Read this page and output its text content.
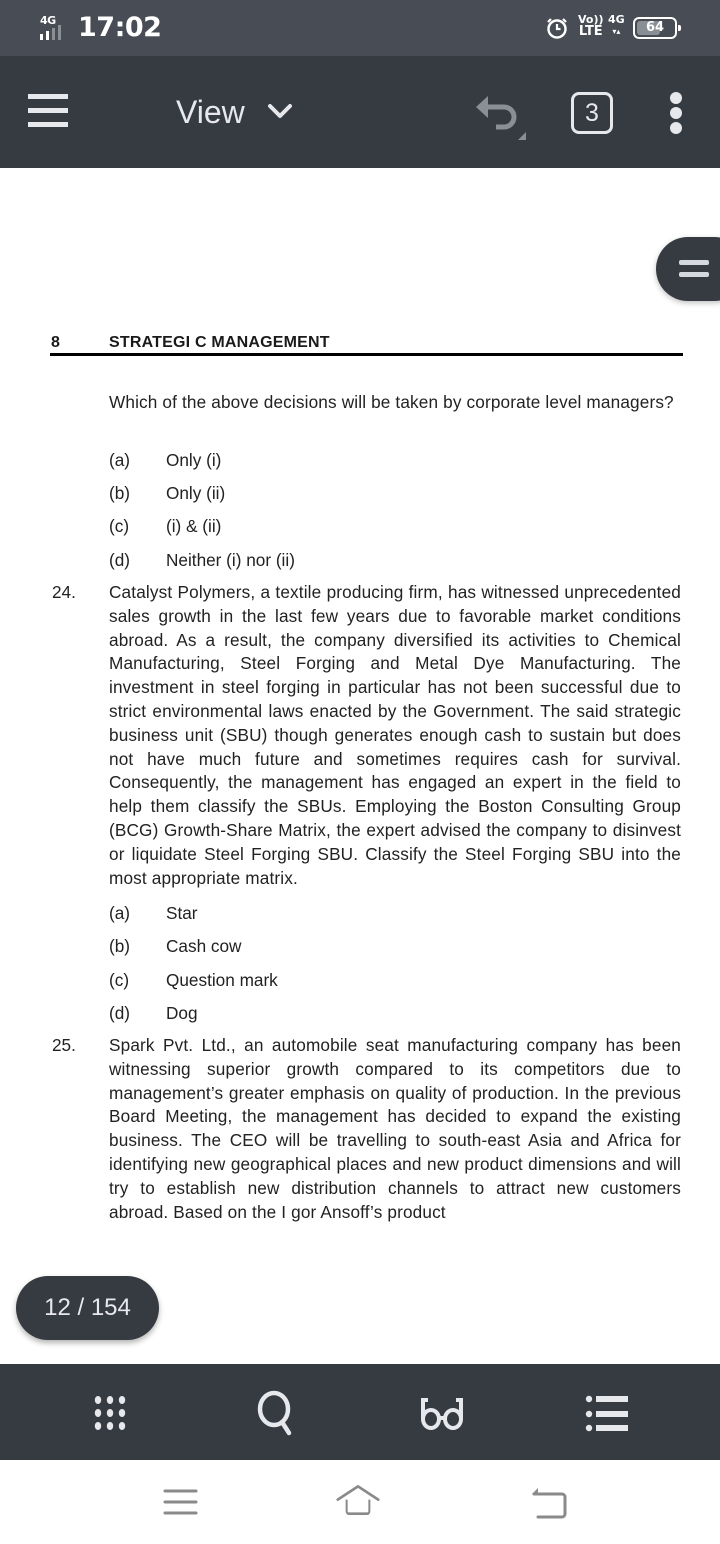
4G 17:02	Vo))
LTE
4G
▾▴	64
View	3
8	STRATEGI C MANAGEMENT
Which of the above decisions will be taken by corporate level managers?
(a) Only (i)
(b) Only (ii)
(c) (i) & (ii)
(d) Neither (i) nor (ii)
24. Catalyst Polymers, a textile producing firm, has witnessed unprecedented sales growth in the last few years due to favorable market conditions abroad. As a result, the company diversified its activities to Chemical Manufacturing, Steel Forging and Metal Dye Manufacturing. The investment in steel forging in particular has not been successful due to strict environmental laws enacted by the Government. The said strategic business unit (SBU) though generates enough cash to sustain but does not have much future and sometimes requires cash for survival. Consequently, the management has engaged an expert in the field to help them classify the SBUs. Employing the Boston Consulting Group (BCG) Growth-Share Matrix, the expert advised the company to disinvest or liquidate Steel Forging SBU. Classify the Steel Forging SBU into the most appropriate matrix.
(a) Star
(b) Cash cow
(c) Question mark
(d) Dog
25. Spark Pvt. Ltd., an automobile seat manufacturing company has been witnessing superior growth compared to its competitors due to management’s greater emphasis on quality of production. In the previous Board Meeting, the management has decided to expand the existing business. The CEO will be travelling to south-east Asia and Africa for identifying new geographical places and new product dimensions and will try to establish new distribution channels to attract new customers abroad. Based on the I gor Ansoff’s product
12 / 154
